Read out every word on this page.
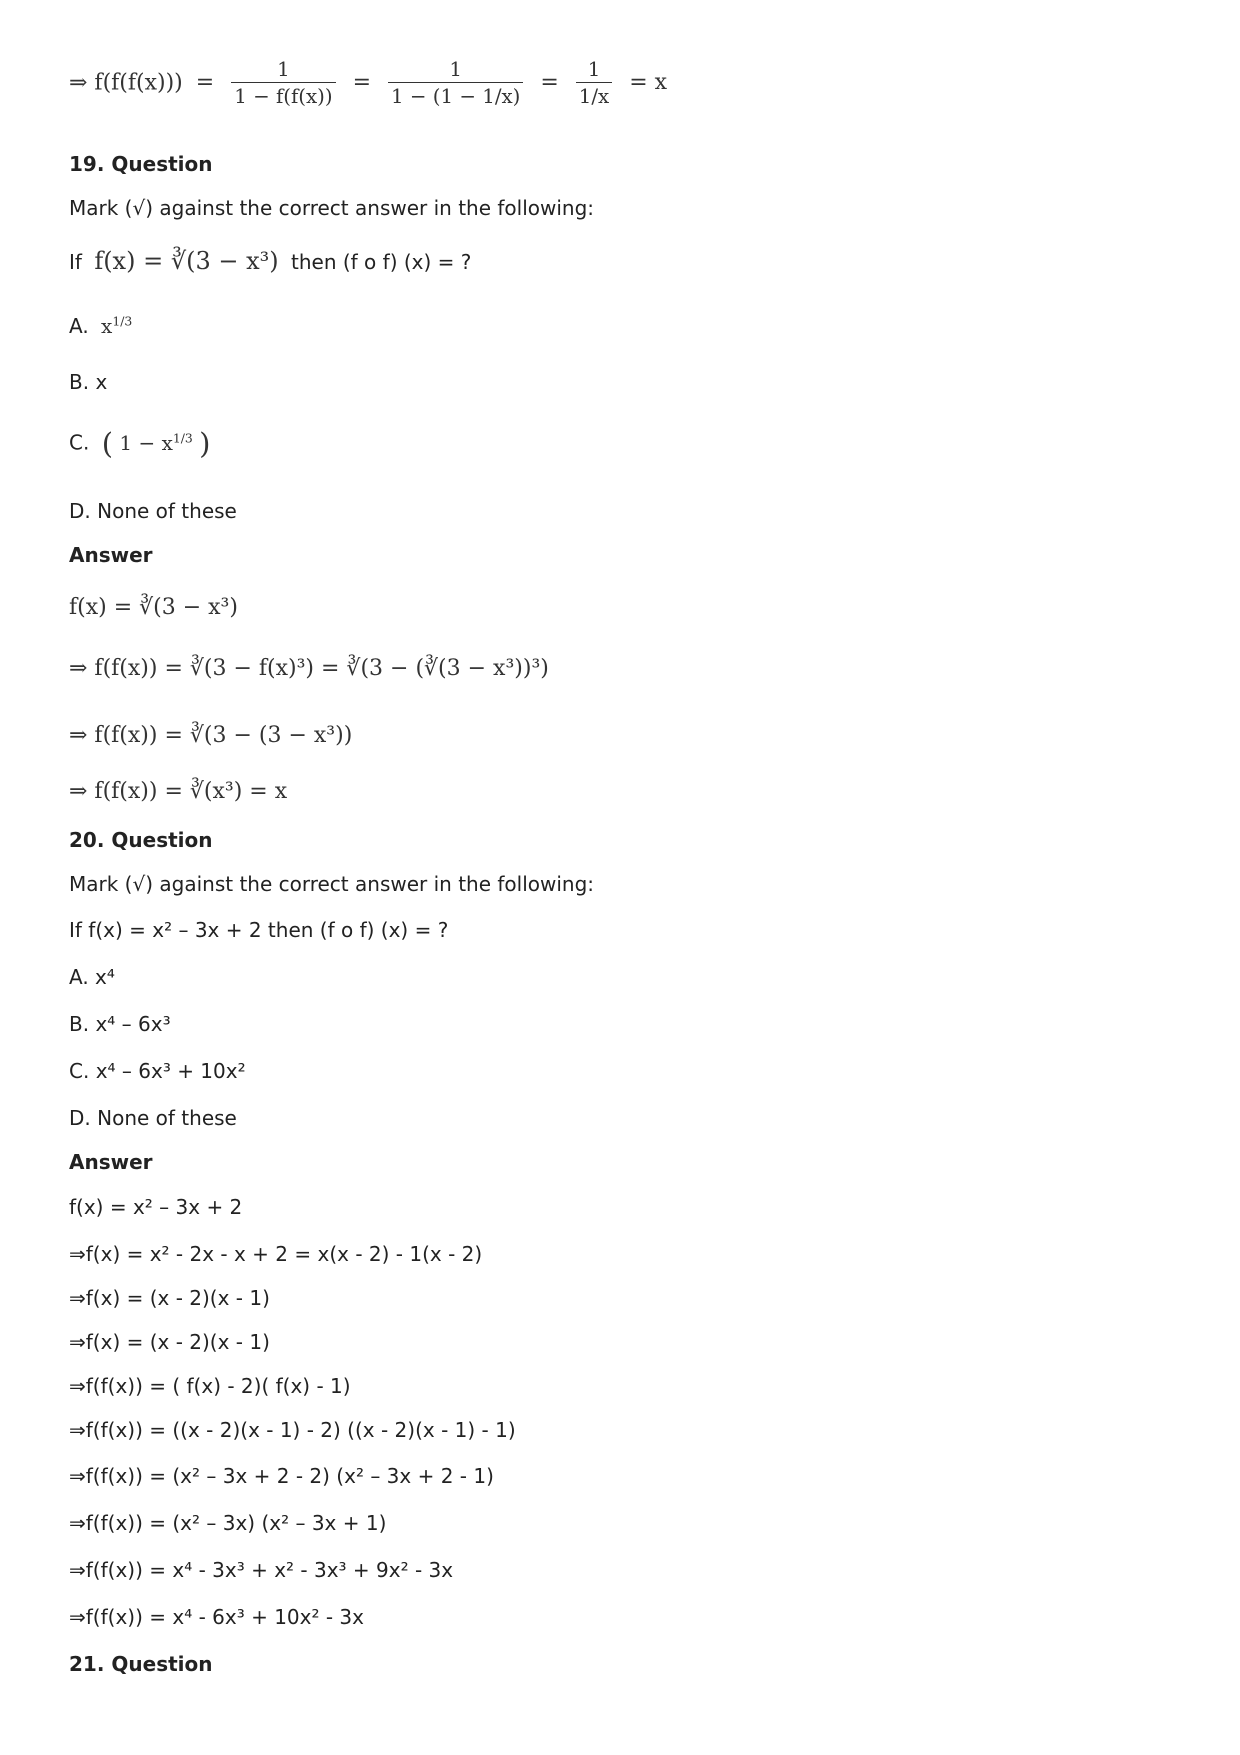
⇒ $f(f(f(x))) = \frac{1}{1 - f(f(x))} = \frac{1}{1 - (1 - 1/x)} = \frac{1}{1/x} = x$
19. Question
Mark (√) against the correct answer in the following:
If f(x) = ∛(3 − x³) then (f o f) (x) = ?
A. $x^{1/3}$
B. x
C. ( $1 - x^{1/3}$ )
D. None of these
Answer
f(x) = ∛(3 − x³)
⇒ f(f(x)) = ∛(3 − f(x)³) = ∛(3 − (∛(3 − x³))³)
⇒ f(f(x)) = ∛(3 − (3 − x³))
⇒ f(f(x)) = ∛(x³) = x
20. Question
Mark (√) against the correct answer in the following:
If f(x) = x² – 3x + 2 then (f o f) (x) = ?
A. x⁴
B. x⁴ – 6x³
C. x⁴ – 6x³ + 10x²
D. None of these
Answer
f(x) = x² – 3x + 2
⇒f(x) = x² - 2x - x + 2 = x(x - 2) - 1(x - 2)
⇒f(x) = (x - 2)(x - 1)
⇒f(x) = (x - 2)(x - 1)
⇒f(f(x)) = ( f(x) - 2)( f(x) - 1)
⇒f(f(x)) = ((x - 2)(x - 1) - 2) ((x - 2)(x - 1) - 1)
⇒f(f(x)) = (x² – 3x + 2 - 2) (x² – 3x + 2 - 1)
⇒f(f(x)) = (x² – 3x) (x² – 3x + 1)
⇒f(f(x)) = x⁴ - 3x³ + x² - 3x³ + 9x² - 3x
⇒f(f(x)) = x⁴ - 6x³ + 10x² - 3x
21. Question
